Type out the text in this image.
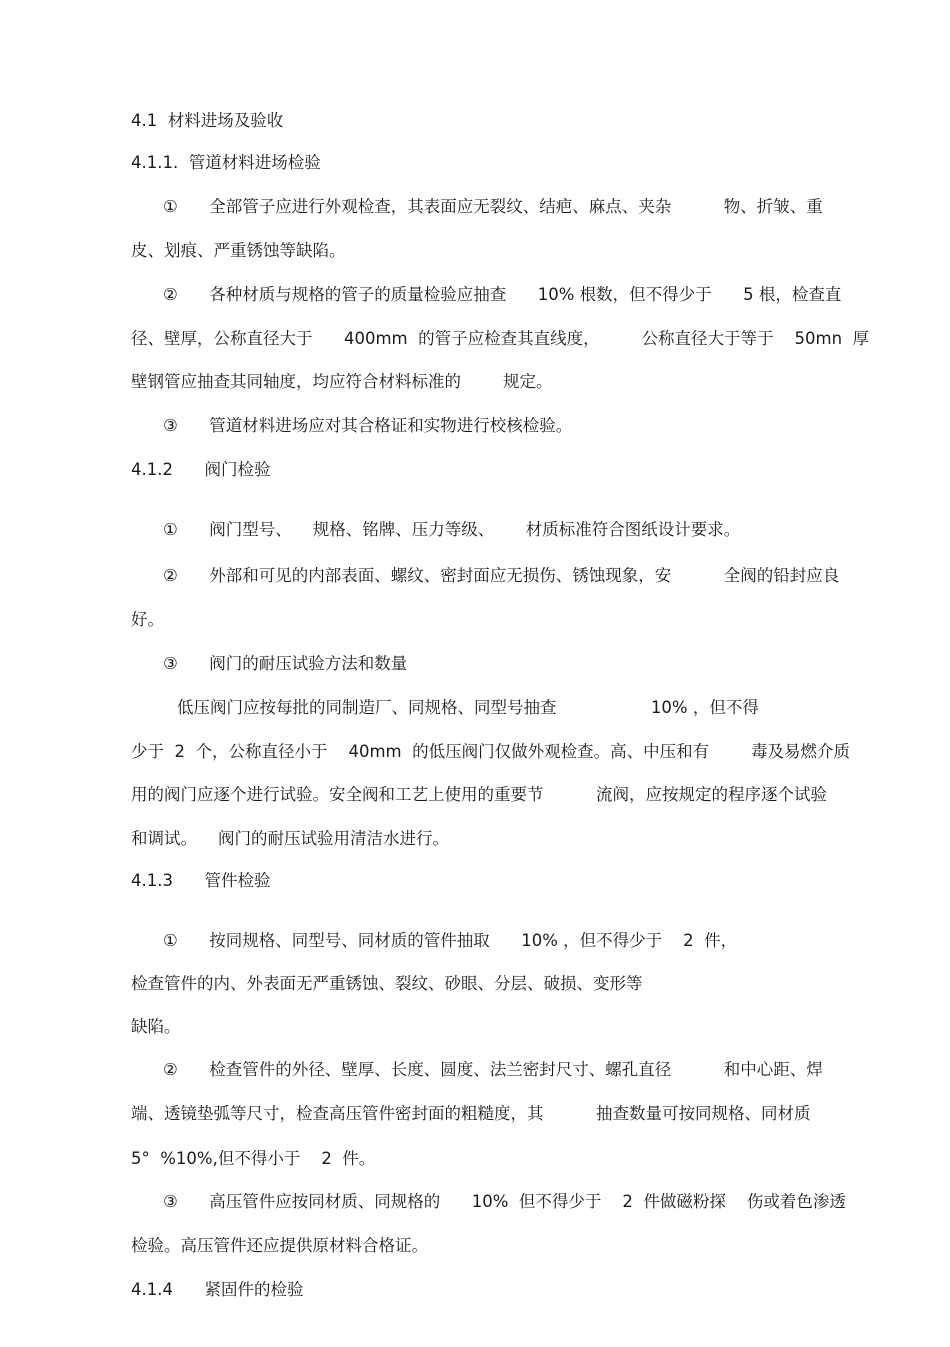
4.1  材料进场及验收
4.1.1.  管道材料进场检验
①      全部管子应进行外观检查，其表面应无裂纹、结疤、麻点、夹杂          物、折皱、重
皮、划痕、严重锈蚀等缺陷。
②      各种材质与规格的管子的质量检验应抽查      10% 根数，但不得少于      5 根，检查直
径、壁厚，公称直径大于      400mm  的管子应检查其直线度，        公称直径大于等于    50mn  厚
壁钢管应抽查其同轴度，均应符合材料标准的        规定。
③      管道材料进场应对其合格证和实物进行校核检验。
4.1.2      阀门检验
①      阀门型号、    规格、铭牌、压力等级、      材质标准符合图纸设计要求。
②      外部和可见的内部表面、螺纹、密封面应无损伤、锈蚀现象，安          全阀的铅封应良
好。
③      阀门的耐压试验方法和数量
低压阀门应按每批的同制造厂、同规格、同型号抽查                  10% ，但不得
少于  2  个，公称直径小于    40mm  的低压阀门仅做外观检查。高、中压和有        毒及易燃介质
用的阀门应逐个进行试验。安全阀和工艺上使用的重要节          流阀，应按规定的程序逐个试验
和调试。    阀门的耐压试验用清洁水进行。
4.1.3      管件检验
①      按同规格、同型号、同材质的管件抽取      10% ，但不得少于    2  件，
检查管件的内、外表面无严重锈蚀、裂纹、砂眼、分层、破损、变形等
缺陷。
②      检查管件的外径、壁厚、长度、圆度、法兰密封尺寸、螺孔直径          和中心距、焊
端、透镜垫弧等尺寸，检查高压管件密封面的粗糙度，其          抽查数量可按同规格、同材质
5°  %10%,但不得小于    2  件。
③      高压管件应按同材质、同规格的      10%  但不得少于    2  件做磁粉探    伤或着色渗透
检验。高压管件还应提供原材料合格证。
4.1.4      紧固件的检验
